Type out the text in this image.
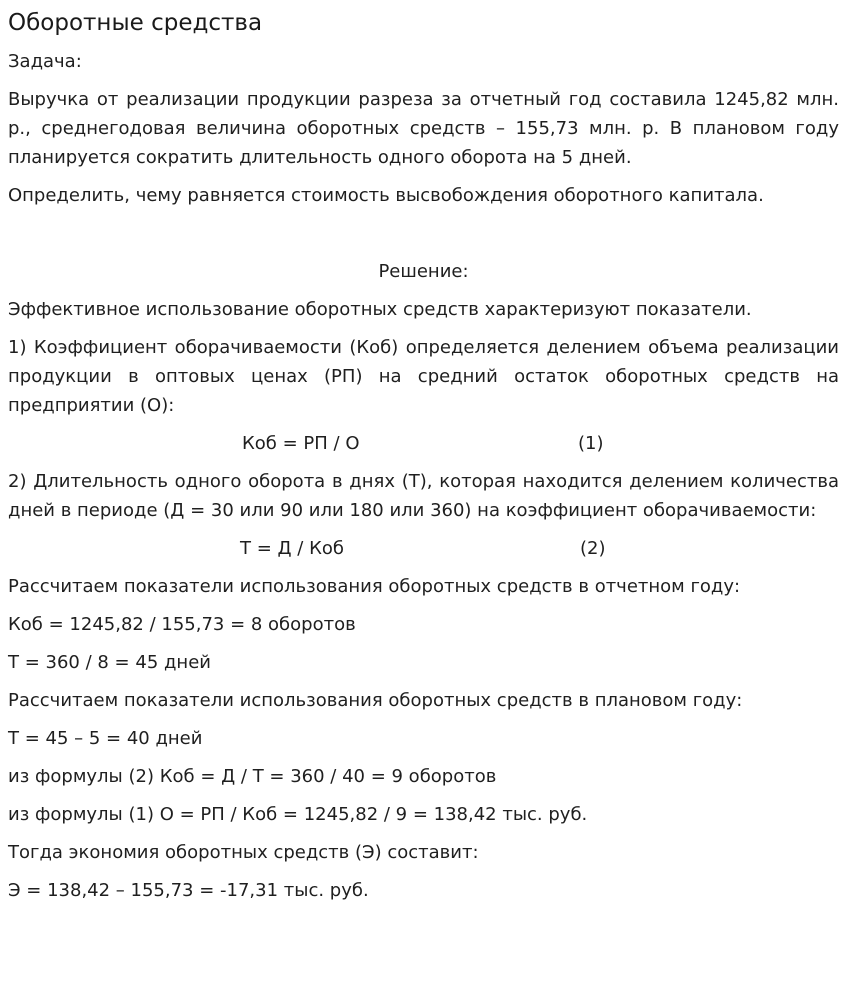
Оборотные средства

Задача:

Выручка от реализации продукции разреза за отчетный год составила 1245,82 млн. р., среднегодовая величина оборотных средств – 155,73 млн. р. В плановом году планируется сократить длительность одного оборота на 5 дней.

Определить, чему равняется стоимость высвобождения оборотного капитала.

Решение:

Эффективное использование оборотных средств характеризуют показатели.

1) Коэффициент оборачиваемости (Коб) определяется делением объема реализации продукции в оптовых ценах (РП) на средний остаток оборотных средств на предприятии (О):

Коб = РП / О	(1)

2) Длительность одного оборота в днях (Т), которая находится делением количества дней в периоде (Д = 30 или 90 или 180 или 360) на коэффициент оборачиваемости:

Т = Д / Коб	(2)

Рассчитаем показатели использования оборотных средств в отчетном году:

Коб = 1245,82 / 155,73 = 8 оборотов

Т = 360 / 8 = 45 дней

Рассчитаем показатели использования оборотных средств в плановом году:

Т = 45 – 5 = 40 дней

из формулы (2) Коб = Д / Т = 360 / 40 = 9 оборотов

из формулы (1) О = РП / Коб = 1245,82 / 9 = 138,42 тыс. руб.

Тогда экономия оборотных средств (Э) составит:

Э = 138,42 – 155,73 = -17,31 тыс. руб.
